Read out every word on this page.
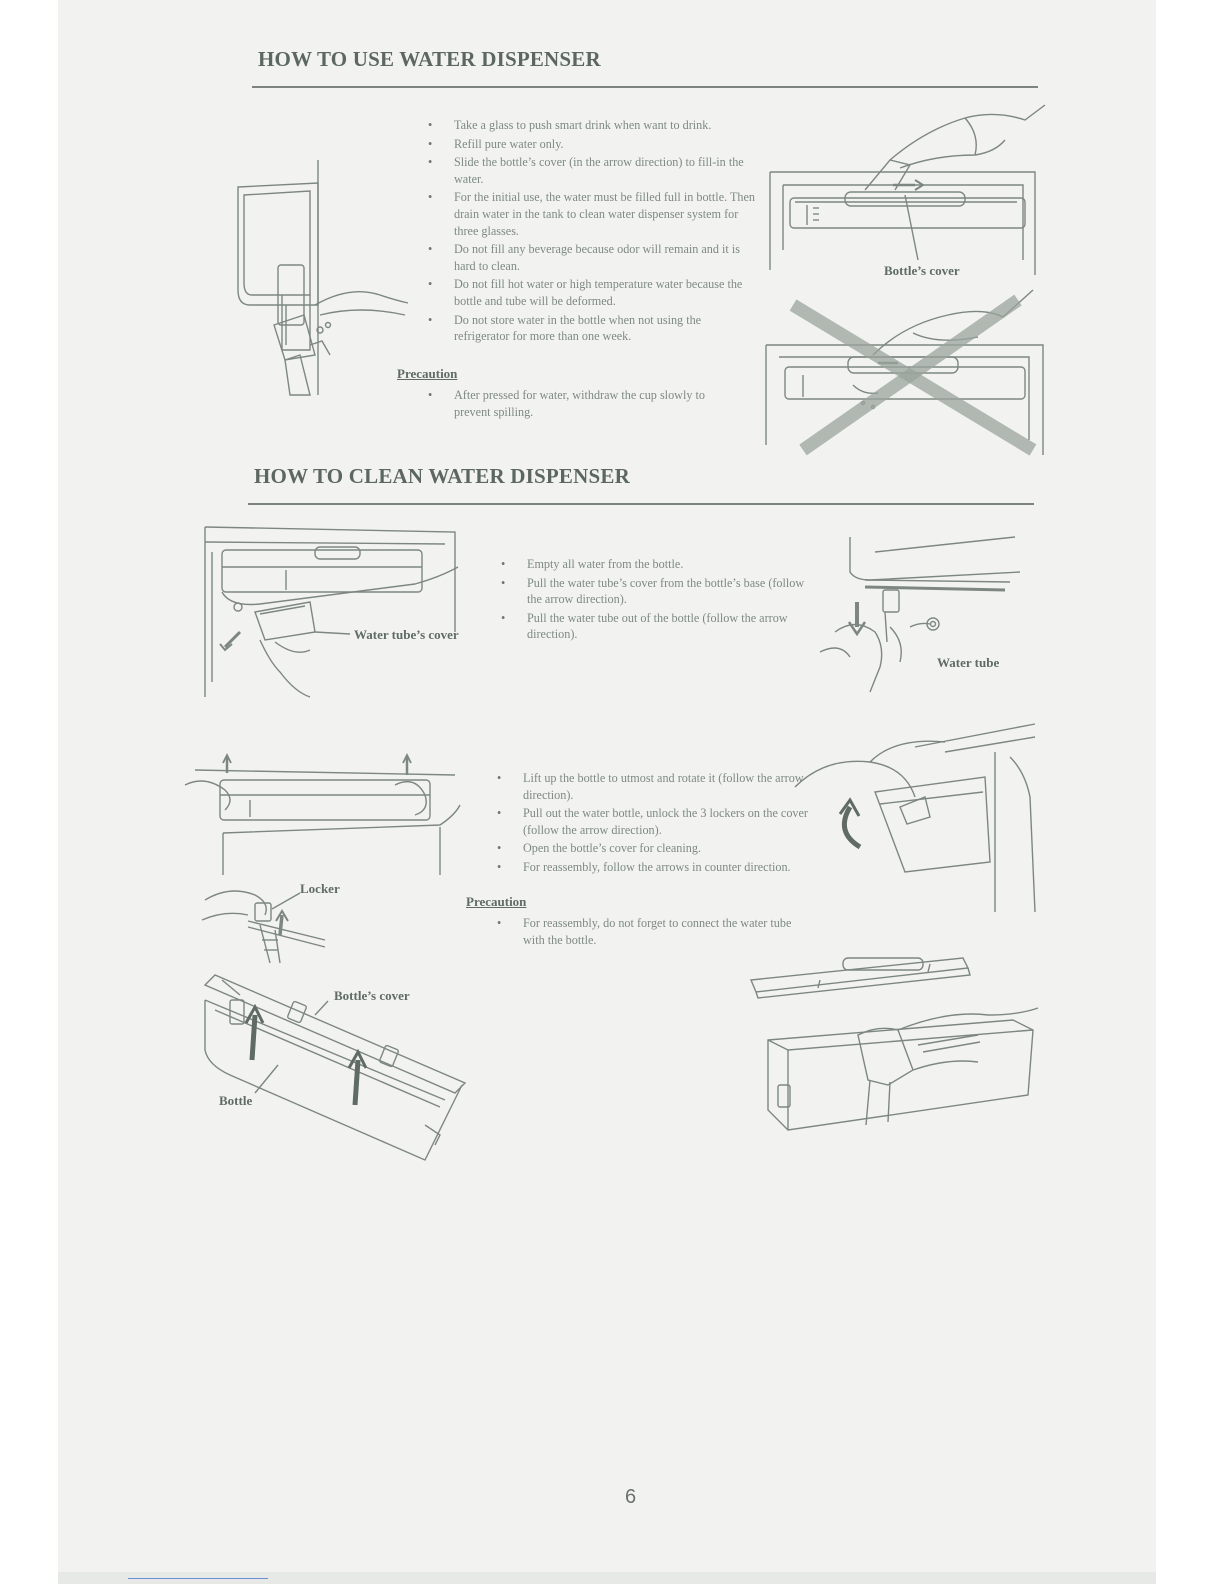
HOW TO USE WATER DISPENSER
• Take a glass to push smart drink when want to drink.
• Refill pure water only.
• Slide the bottle’s cover (in the arrow direction) to fill-in the water.
• For the initial use, the water must be filled full in bottle. Then drain water in the tank to clean water dispenser system for three glasses.
• Do not fill any beverage because odor will remain and it is hard to clean.
• Do not fill hot water or high temperature water because the bottle and tube will be deformed.
• Do not store water in the bottle when not using the refrigerator for more than one week.
Precaution
• After pressed for water, withdraw the cup slowly to prevent spilling.
Bottle’s cover
HOW TO CLEAN WATER DISPENSER
Water tube’s cover
• Empty all water from the bottle.
• Pull the water tube’s cover from the bottle’s base (follow the arrow direction).
• Pull the water tube out of the bottle (follow the arrow direction).
Water tube
• Lift up the bottle to utmost and rotate it (follow the arrow direction).
• Pull out the water bottle, unlock the 3 lockers on the cover (follow the arrow direction).
• Open the bottle’s cover for cleaning.
• For reassembly, follow the arrows in counter direction.
Precaution
• For reassembly, do not forget to connect the water tube with the bottle.
Locker
Bottle’s cover
Bottle
6
